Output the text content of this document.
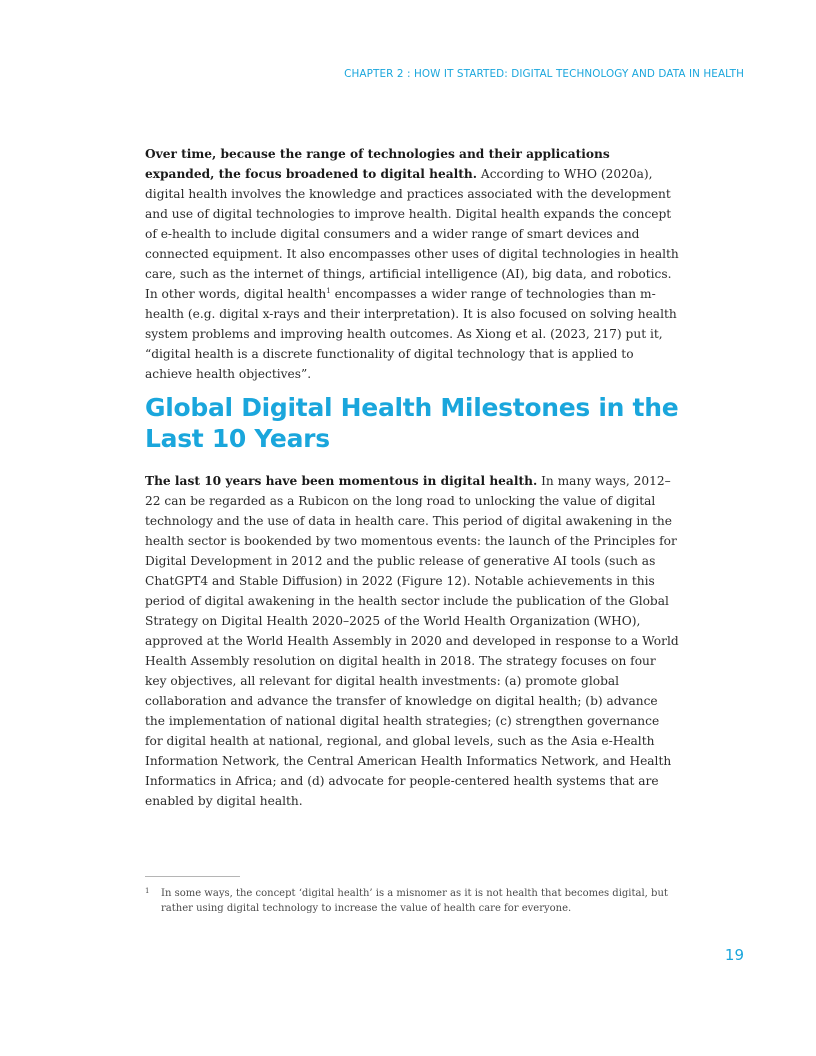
CHAPTER 2 : HOW IT STARTED: DIGITAL TECHNOLOGY AND DATA IN HEALTH

Over time, because the range of technologies and their applications expanded, the focus broadened to digital health. According to WHO (2020a), digital health involves the knowledge and practices associated with the development and use of digital technologies to improve health. Digital health expands the concept of e-health to include digital consumers and a wider range of smart devices and connected equipment. It also encompasses other uses of digital technologies in health care, such as the internet of things, artificial intelligence (AI), big data, and robotics. In other words, digital health$^1$ encompasses a wider range of technologies than m-health (e.g. digital x-rays and their interpretation). It is also focused on solving health system problems and improving health outcomes. As Xiong et al. (2023, 217) put it, “digital health is a discrete functionality of digital technology that is applied to achieve health objectives”.

Global Digital Health Milestones in the Last 10 Years

The last 10 years have been momentous in digital health. In many ways, 2012–22 can be regarded as a Rubicon on the long road to unlocking the value of digital technology and the use of data in health care. This period of digital awakening in the health sector is bookended by two momentous events: the launch of the Principles for Digital Development in 2012 and the public release of generative AI tools (such as ChatGPT4 and Stable Diffusion) in 2022 (Figure 12). Notable achievements in this period of digital awakening in the health sector include the publication of the Global Strategy on Digital Health 2020–2025 of the World Health Organization (WHO), approved at the World Health Assembly in 2020 and developed in response to a World Health Assembly resolution on digital health in 2018. The strategy focuses on four key objectives, all relevant for digital health investments: (a) promote global collaboration and advance the transfer of knowledge on digital health; (b) advance the implementation of national digital health strategies; (c) strengthen governance for digital health at national, regional, and global levels, such as the Asia e-Health Information Network, the Central American Health Informatics Network, and Health Informatics in Africa; and (d) advocate for people-centered health systems that are enabled by digital health.

1 In some ways, the concept ‘digital health’ is a misnomer as it is not health that becomes digital, but rather using digital technology to increase the value of health care for everyone.
19
